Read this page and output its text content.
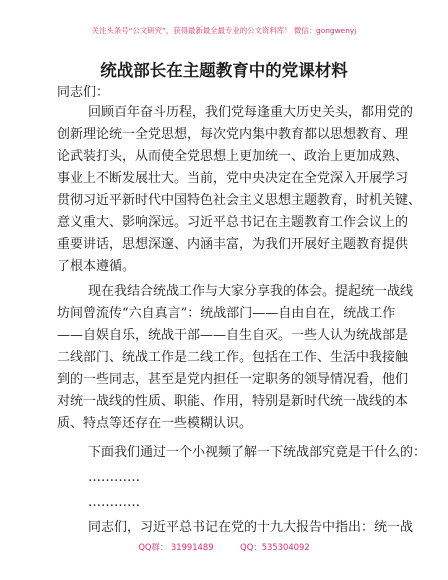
关注头条号“公文研究”，获得最新最全最专业的公文资料库！ 微信：gongwenyj
统战部长在主题教育中的党课材料
同志们：
回顾百年奋斗历程，我们党每逢重大历史关头，都用党的
创新理论统一全党思想，每次党内集中教育都以思想教育、理
论武装打头，从而使全党思想上更加统一、政治上更加成熟、
事业上不断发展壮大。当前，党中央决定在全党深入开展学习
贯彻习近平新时代中国特色社会主义思想主题教育，时机关键、
意义重大、影响深远。习近平总书记在主题教育工作会议上的
重要讲话，思想深邃、内涵丰富，为我们开展好主题教育提供
了根本遵循。
现在我结合统战工作与大家分享我的体会。提起统一战线
坊间曾流传“六自真言”：统战部门——自由自在，统战工作
——自娱自乐，统战干部——自生自灭。一些人认为统战部是
二线部门、统战工作是二线工作。包括在工作、生活中我接触
到的一些同志，甚至是党内担任一定职务的领导情况看，他们
对统一战线的性质、职能、作用，特别是新时代统一战线的本
质、特点等还存在一些模糊认识。
下面我们通过一个小视频了解一下统战部究竟是干什么的：
…………
…………
同志们，习近平总书记在党的十九大报告中指出：统一战
QQ群： 31991489          QQ：535304092
